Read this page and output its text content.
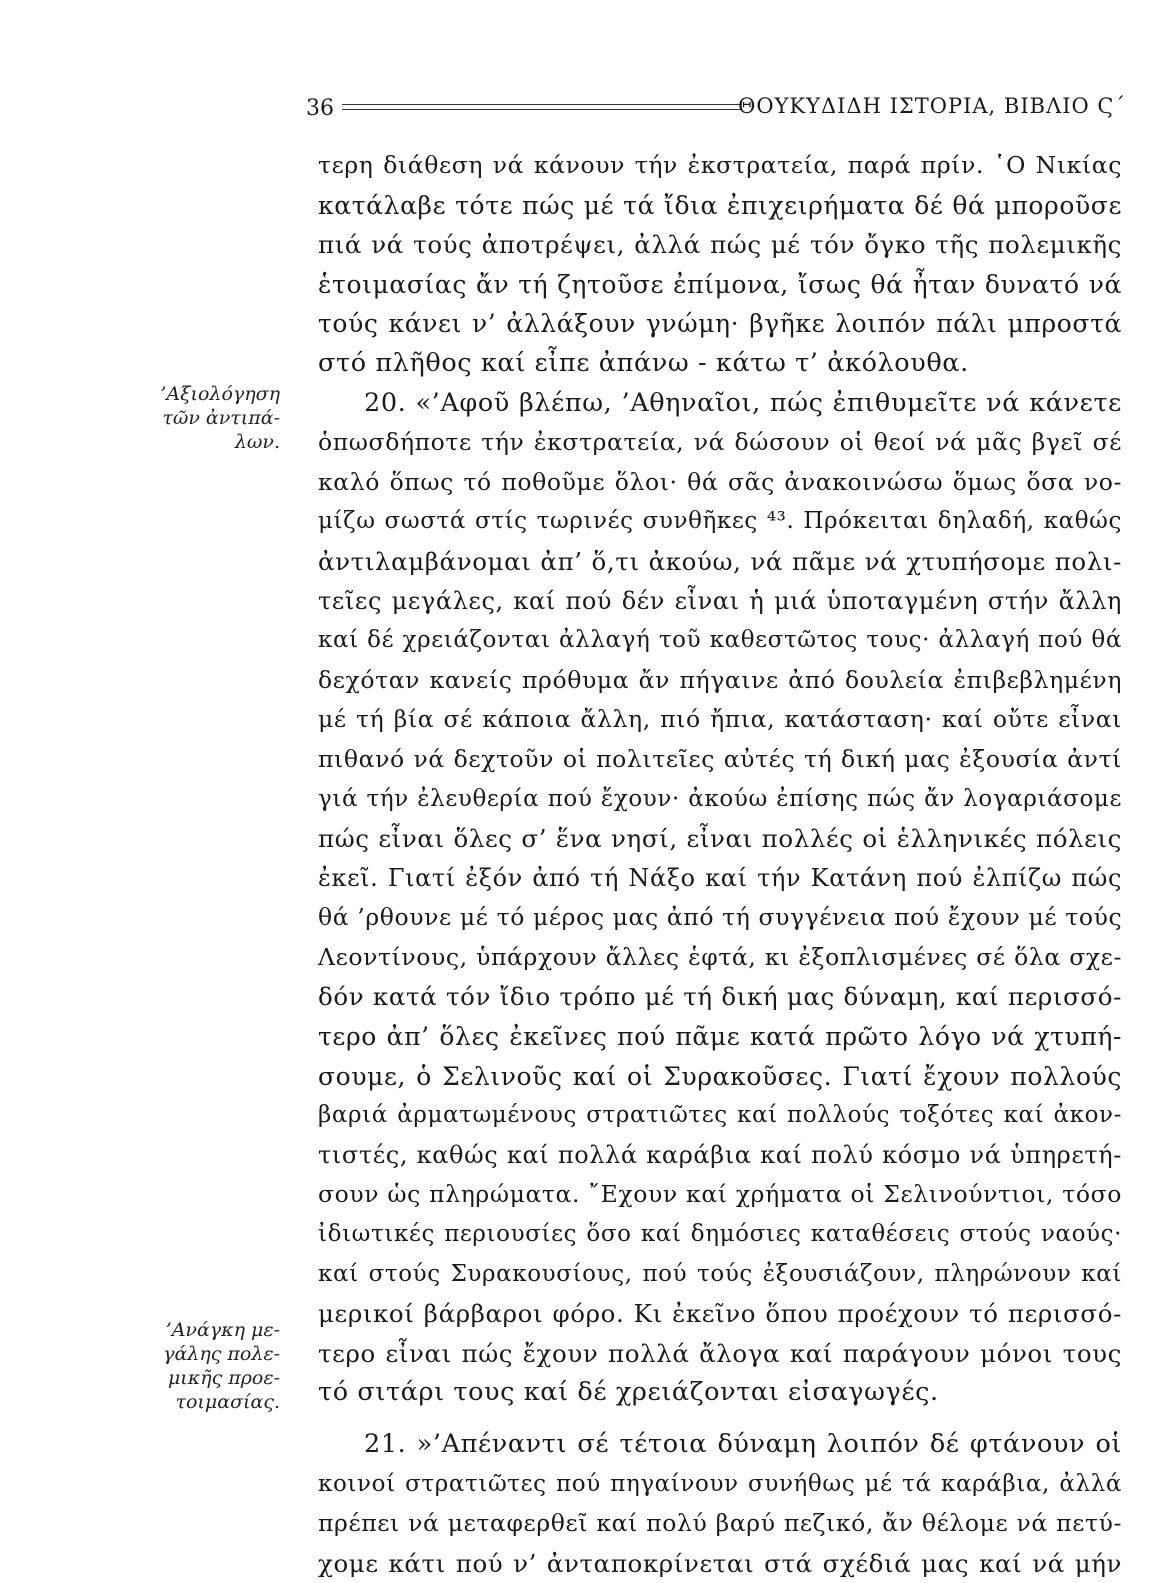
36	ΘΟΥΚΥΔΙΔΗ ΙΣΤΟΡΙΑ, ΒΙΒΛΙΟ Ϛ΄
’Αξιολόγηση
τῶν ἀντιπά-
λων.
’Ανάγκη με-
γάλης πολε-
μικῆς προε-
τοιμασίας.
τερη διάθεση νά κάνουν τήν ἐκστρατεία, παρά πρίν. ῾Ο Νικίας
κατάλαβε τότε πώς μέ τά ἴδια ἐπιχειρήματα δέ θά μποροῦσε
πιά νά τούς ἀποτρέψει, ἀλλά πώς μέ τόν ὄγκο τῆς πολεμικῆς
ἑτοιμασίας ἄν τή ζητοῦσε ἐπίμονα, ἴσως θά ἦταν δυνατό νά
τούς κάνει ν’ ἀλλάξουν γνώμη· βγῆκε λοιπόν πάλι μπροστά
στό πλῆθος καί εἶπε ἀπάνω - κάτω τ’ ἀκόλουθα.
20. «’Αφοῦ βλέπω, ’Αθηναῖοι, πώς ἐπιθυμεῖτε νά κάνετε
ὁπωσδήποτε τήν ἐκστρατεία, νά δώσουν οἱ θεοί νά μᾶς βγεῖ σέ
καλό ὅπως τό ποθοῦμε ὅλοι· θά σᾶς ἀνακοινώσω ὅμως ὅσα νο-
μίζω σωστά στίς τωρινές συνθῆκες ⁴³. Πρόκειται δηλαδή, καθώς
ἀντιλαμβάνομαι ἀπ’ ὅ,τι ἀκούω, νά πᾶμε νά χτυπήσομε πολι-
τεῖες μεγάλες, καί πού δέν εἶναι ἡ μιά ὑποταγμένη στήν ἄλλη
καί δέ χρειάζονται ἀλλαγή τοῦ καθεστῶτος τους· ἀλλαγή πού θά
δεχόταν κανείς πρόθυμα ἄν πήγαινε ἀπό δουλεία ἐπιβεβλημένη
μέ τή βία σέ κάποια ἄλλη, πιό ἤπια, κατάσταση· καί οὔτε εἶναι
πιθανό νά δεχτοῦν οἱ πολιτεῖες αὐτές τή δική μας ἐξουσία ἀντί
γιά τήν ἐλευθερία πού ἔχουν· ἀκούω ἐπίσης πώς ἄν λογαριάσομε
πώς εἶναι ὅλες σ’ ἕνα νησί, εἶναι πολλές οἱ ἑλληνικές πόλεις
ἐκεῖ. Γιατί ἐξόν ἀπό τή Νάξο καί τήν Κατάνη πού ἐλπίζω πώς
θά ’ρθουνε μέ τό μέρος μας ἀπό τή συγγένεια πού ἔχουν μέ τούς
Λεοντίνους, ὑπάρχουν ἄλλες ἑφτά, κι ἐξοπλισμένες σέ ὅλα σχε-
δόν κατά τόν ἴδιο τρόπο μέ τή δική μας δύναμη, καί περισσό-
τερο ἀπ’ ὅλες ἐκεῖνες πού πᾶμε κατά πρῶτο λόγο νά χτυπή-
σουμε, ὁ Σελινοῦς καί οἱ Συρακοῦσες. Γιατί ἔχουν πολλούς
βαριά ἀρματωμένους στρατιῶτες καί πολλούς τοξότες καί ἀκον-
τιστές, καθώς καί πολλά καράβια καί πολύ κόσμο νά ὑπηρετή-
σουν ὡς πληρώματα. ῎Εχουν καί χρήματα οἱ Σελινούντιοι, τόσο
ἰδιωτικές περιουσίες ὅσο καί δημόσιες καταθέσεις στούς ναούς·
καί στούς Συρακουσίους, πού τούς ἐξουσιάζουν, πληρώνουν καί
μερικοί βάρβαροι φόρο. Κι ἐκεῖνο ὅπου προέχουν τό περισσό-
τερο εἶναι πώς ἔχουν πολλά ἄλογα καί παράγουν μόνοι τους
τό σιτάρι τους καί δέ χρειάζονται εἰσαγωγές.
21. »’Απέναντι σέ τέτοια δύναμη λοιπόν δέ φτάνουν οἱ
κοινοί στρατιῶτες πού πηγαίνουν συνήθως μέ τά καράβια, ἀλλά
πρέπει νά μεταφερθεῖ καί πολύ βαρύ πεζικό, ἄν θέλομε νά πετύ-
χομε κάτι πού ν’ ἀνταποκρίνεται στά σχέδιά μας καί νά μήν
